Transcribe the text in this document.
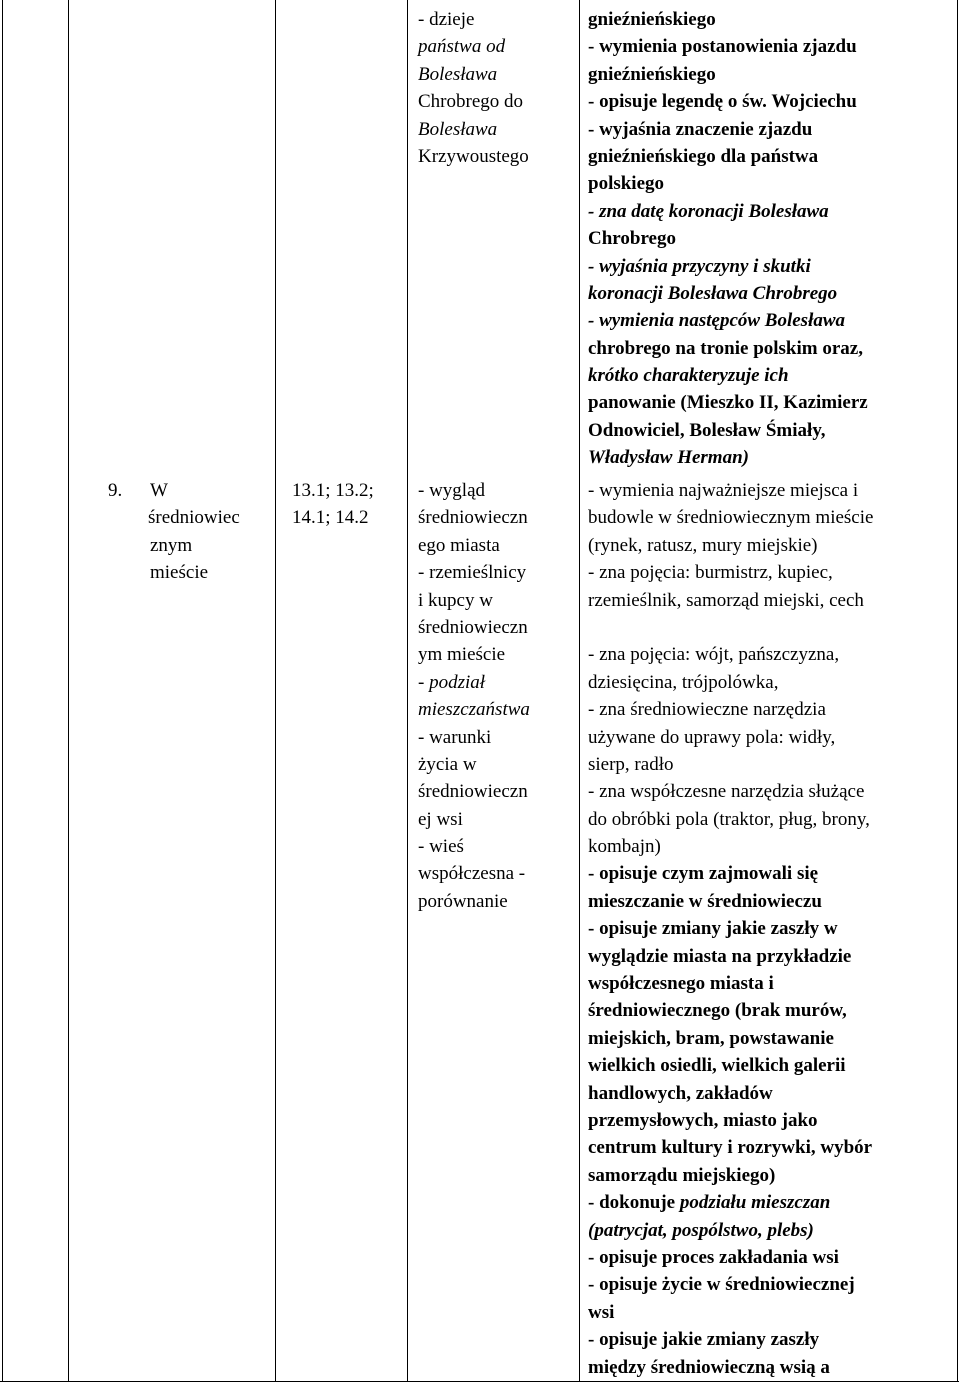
9. W
średniowiec
znym
mieście
13.1; 13.2;
14.1; 14.2
- dzieje
państwa od
Bolesława
Chrobrego do
Bolesława
Krzywoustego
- wygląd
średniowieczn
ego miasta
- rzemieślnicy
i kupcy w
średniowieczn
ym mieście
- podział
mieszczaństwa
- warunki
życia w
średniowieczn
ej wsi
- wieś
współczesna -
porównanie
gnieźnieńskiego
- wymienia postanowienia zjazdu
gnieźnieńskiego
- opisuje legendę o św. Wojciechu
- wyjaśnia znaczenie zjazdu
gnieźnieńskiego dla państwa
polskiego
- zna datę koronacji Bolesława
Chrobrego
- wyjaśnia przyczyny i skutki
koronacji Bolesława Chrobrego
- wymienia następców Bolesława
chrobrego na tronie polskim oraz,
krótko charakteryzuje ich
panowanie (Mieszko II, Kazimierz
Odnowiciel, Bolesław Śmiały,
Władysław Herman)
- wymienia najważniejsze miejsca i
budowle w średniowiecznym mieście
(rynek, ratusz, mury miejskie)
- zna pojęcia: burmistrz, kupiec,
rzemieślnik, samorząd miejski, cech
- zna pojęcia: wójt, pańszczyzna,
dziesięcina, trójpolówka,
- zna średniowieczne narzędzia
używane do uprawy pola: widły,
sierp, radło
- zna współczesne narzędzia służące
do obróbki pola (traktor, pług, brony,
kombajn)
- opisuje czym zajmowali się
mieszczanie w średniowieczu
- opisuje zmiany jakie zaszły w
wyglądzie miasta na przykładzie
współczesnego miasta i
średniowiecznego (brak murów,
miejskich, bram, powstawanie
wielkich osiedli, wielkich galerii
handlowych, zakładów
przemysłowych, miasto jako
centrum kultury i rozrywki, wybór
samorządu miejskiego)
- dokonuje podziału mieszczan
(patrycjat, pospólstwo, plebs)
- opisuje proces zakładania wsi
- opisuje życie w średniowiecznej
wsi
- opisuje jakie zmiany zaszły
między średniowieczną wsią a
